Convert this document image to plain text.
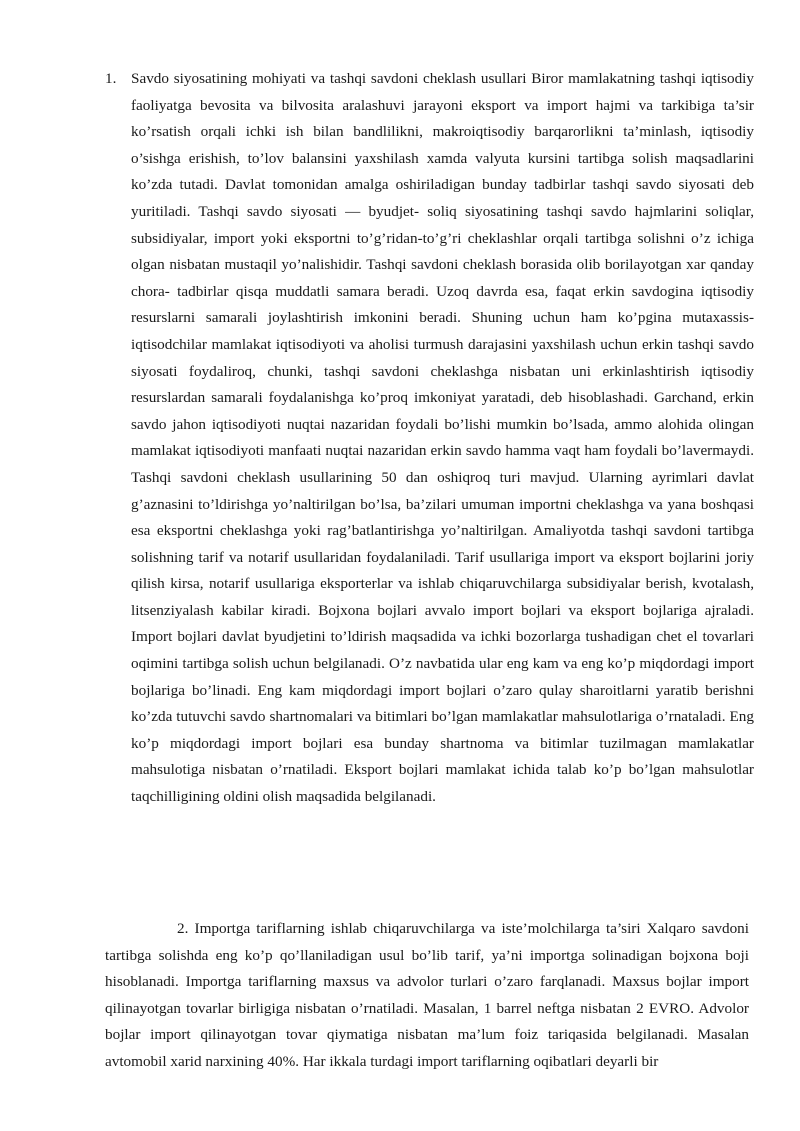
1. Savdo siyosatining mohiyati va tashqi savdoni cheklash usullari Biror mamlakatning tashqi iqtisodiy faoliyatga bevosita va bilvosita aralashuvi jarayoni eksport va import hajmi va tarkibiga ta’sir ko’rsatish orqali ichki ish bilan bandlilikni, makroiqtisodiy barqarorlikni ta’minlash, iqtisodiy o’sishga erishish, to’lov balansini yaxshilash xamda valyuta kursini tartibga solish maqsadlarini ko’zda tutadi. Davlat tomonidan amalga oshiriladigan bunday tadbirlar tashqi savdo siyosati deb yuritiladi. Tashqi savdo siyosati — byudjet- soliq siyosatining tashqi savdo hajmlarini soliqlar, subsidiyalar, import yoki eksportni to’g’ridan-to’g’ri cheklashlar orqali tartibga solishni o’z ichiga olgan nisbatan mustaqil yo’nalishidir. Tashqi savdoni cheklash borasida olib borilayotgan xar qanday chora- tadbirlar qisqa muddatli samara beradi. Uzoq davrda esa, faqat erkin savdogina iqtisodiy resurslarni samarali joylashtirish imkonini beradi. Shuning uchun ham ko’pgina mutaxassis-iqtisodchilar mamlakat iqtisodiyoti va aholisi turmush darajasini yaxshilash uchun erkin tashqi savdo siyosati foydaliroq, chunki, tashqi savdoni cheklashga nisbatan uni erkinlashtirish iqtisodiy resurslardan samarali foydalanishga ko’proq imkoniyat yaratadi, deb hisoblashadi. Garchand, erkin savdo jahon iqtisodiyoti nuqtai nazaridan foydali bo’lishi mumkin bo’lsada, ammo alohida olingan mamlakat iqtisodiyoti manfaati nuqtai nazaridan erkin savdo hamma vaqt ham foydali bo’lavermaydi. Tashqi savdoni cheklash usullarining 50 dan oshiqroq turi mavjud. Ularning ayrimlari davlat g’aznasini to’ldirishga yo’naltirilgan bo’lsa, ba’zilari umuman importni cheklashga va yana boshqasi esa eksportni cheklashga yoki rag’batlantirishga yo’naltirilgan. Amaliyotda tashqi savdoni tartibga solishning tarif va notarif usullaridan foydalaniladi. Tarif usullariga import va eksport bojlarini joriy qilish kirsa, notarif usullariga eksporterlar va ishlab chiqaruvchilarga subsidiyalar berish, kvotalash, litsenziyalash kabilar kiradi. Bojxona bojlari avvalo import bojlari va eksport bojlariga ajraladi. Import bojlari davlat byudjetini to’ldirish maqsadida va ichki bozorlarga tushadigan chet el tovarlari oqimini tartibga solish uchun belgilanadi. O’z navbatida ular eng kam va eng ko’p miqdordagi import bojlariga bo’linadi. Eng kam miqdordagi import bojlari o’zaro qulay sharoitlarni yaratib berishni ko’zda tutuvchi savdo shartnomalari va bitimlari bo’lgan mamlakatlar mahsulotlariga o’rnataladi. Eng ko’p miqdordagi import bojlari esa bunday shartnoma va bitimlar tuzilmagan mamlakatlar mahsulotiga nisbatan o’rnatiladi. Eksport bojlari mamlakat ichida talab ko’p bo’lgan mahsulotlar taqchilligining oldini olish maqsadida belgilanadi.
2. Importga tariflarning ishlab chiqaruvchilarga va iste’molchilarga ta’siri Xalqaro savdoni tartibga solishda eng ko’p qo’llaniladigan usul bo’lib tarif, ya’ni importga solinadigan bojxona boji hisoblanadi. Importga tariflarning maxsus va advolor turlari o’zaro farqlanadi. Maxsus bojlar import qilinayotgan tovarlar birligiga nisbatan o’rnatiladi. Masalan, 1 barrel neftga nisbatan 2 EVRO. Advolor bojlar import qilinayotgan tovar qiymatiga nisbatan ma’lum foiz tariqasida belgilanadi. Masalan avtomobil xarid narxining 40%. Har ikkala turdagi import tariflarning oqibatlari deyarli bir
